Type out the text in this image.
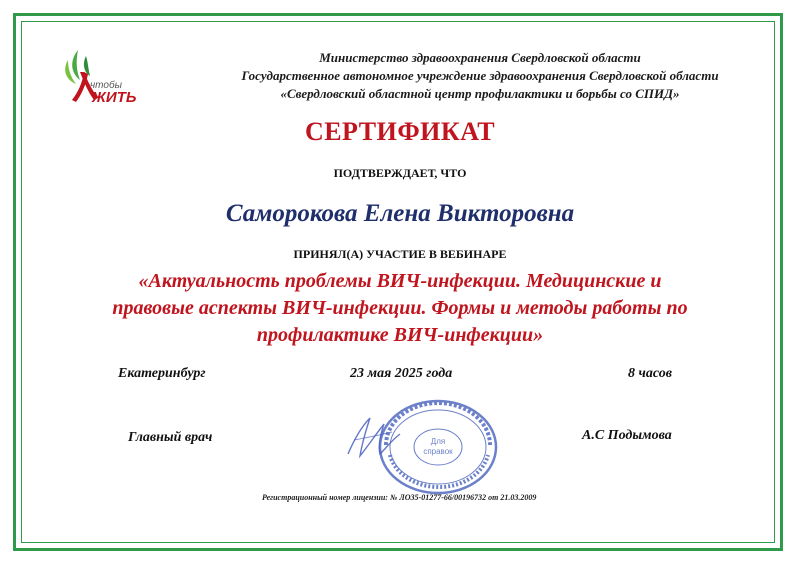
чтобы
ЖИТЬ
Министерство здравоохранения Свердловской области
Государственное автономное учреждение здравоохранения Свердловской области
«Свердловский областной центр профилактики и борьбы со СПИД»
СЕРТИФИКАТ
ПОДТВЕРЖДАЕТ, ЧТО
Саморокова Елена Викторовна
ПРИНЯЛ(А) УЧАСТИЕ В ВЕБИНАРЕ
«Актуальность проблемы ВИЧ-инфекции. Медицинские и
правовые аспекты ВИЧ-инфекции. Формы и методы работы по
профилактике ВИЧ-инфекции»
Екатеринбург	23 мая 2025 года	8 часов
Для
справок
Главный врач	А.С Подымова
Регистрационный номер лицензии: № ЛО35-01277-66/00196732 от 21.03.2009
